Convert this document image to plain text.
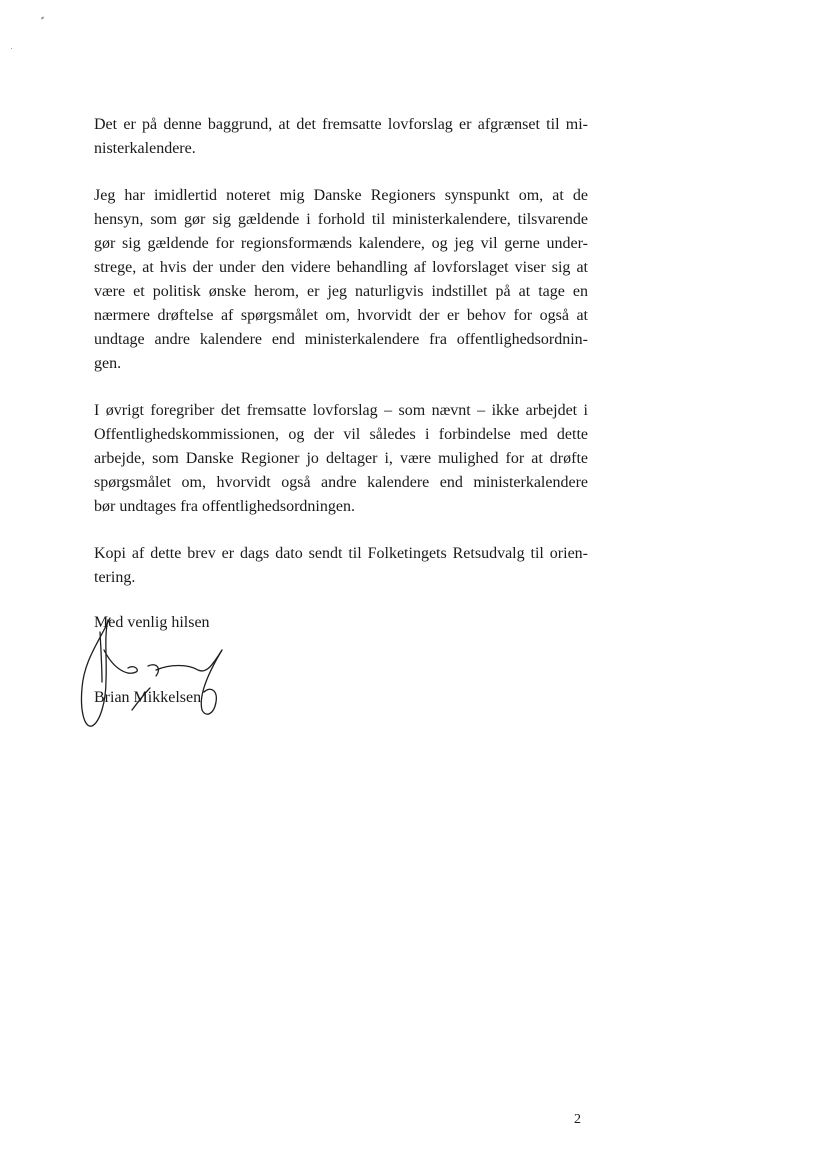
Det er på denne baggrund, at det fremsatte lovforslag er afgrænset til mi-
nisterkalendere.

Jeg har imidlertid noteret mig Danske Regioners synspunkt om, at de
hensyn, som gør sig gældende i forhold til ministerkalendere, tilsvarende
gør sig gældende for regionsformænds kalendere, og jeg vil gerne under-
strege, at hvis der under den videre behandling af lovforslaget viser sig at
være et politisk ønske herom, er jeg naturligvis indstillet på at tage en
nærmere drøftelse af spørgsmålet om, hvorvidt der er behov for også at
undtage andre kalendere end ministerkalendere fra offentlighedsordnin-
gen.

I øvrigt foregriber det fremsatte lovforslag – som nævnt – ikke arbejdet i
Offentlighedskommissionen, og der vil således i forbindelse med dette
arbejde, som Danske Regioner jo deltager i, være mulighed for at drøfte
spørgsmålet om, hvorvidt også andre kalendere end ministerkalendere
bør undtages fra offentlighedsordningen.

Kopi af dette brev er dags dato sendt til Folketingets Retsudvalg til orien-
tering.

Med venlig hilsen
Brian Mikkelsen
2
